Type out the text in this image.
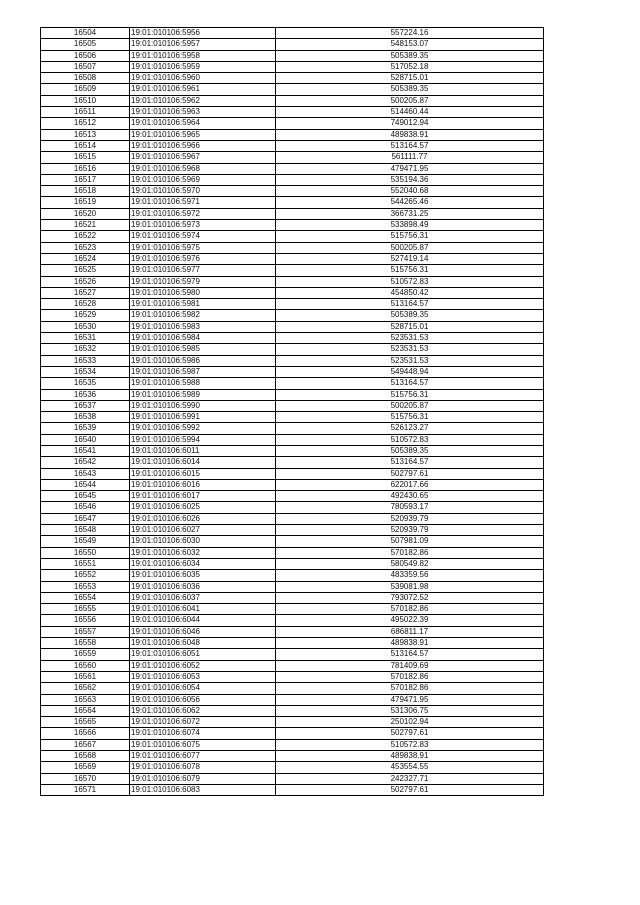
16504	19:01:010106:5956	557224.16
16505	19:01:010106:5957	548153.07
16506	19:01:010106:5958	505389.35
16507	19:01:010106:5959	517052.18
16508	19:01:010106:5960	528715.01
16509	19:01:010106:5961	505389.35
16510	19:01:010106:5962	500205.87
16511	19:01:010106:5963	514460.44
16512	19:01:010106:5964	749012.94
16513	19:01:010106:5965	489838.91
16514	19:01:010106:5966	513164.57
16515	19:01:010106:5967	561111.77
16516	19:01:010106:5968	479471.95
16517	19:01:010106:5969	535194.36
16518	19:01:010106:5970	552040.68
16519	19:01:010106:5971	544265.46
16520	19:01:010106:5972	366731.25
16521	19:01:010106:5973	533898.49
16522	19:01:010106:5974	515756.31
16523	19:01:010106:5975	500205.87
16524	19:01:010106:5976	527419.14
16525	19:01:010106:5977	515756.31
16526	19:01:010106:5979	510572.83
16527	19:01:010106:5980	454850.42
16528	19:01:010106:5981	513164.57
16529	19:01:010106:5982	505389.35
16530	19:01:010106:5983	528715.01
16531	19:01:010106:5984	523531.53
16532	19:01:010106:5985	523531.53
16533	19:01:010106:5986	523531.53
16534	19:01:010106:5987	549448.94
16535	19:01:010106:5988	513164.57
16536	19:01:010106:5989	515756.31
16537	19:01:010106:5990	500205.87
16538	19:01:010106:5991	515756.31
16539	19:01:010106:5992	526123.27
16540	19:01:010106:5994	510572.83
16541	19:01:010106:6011	505389.35
16542	19:01:010106:6014	513164.57
16543	19:01:010106:6015	502797.61
16544	19:01:010106:6016	622017.66
16545	19:01:010106:6017	492430.65
16546	19:01:010106:6025	780593.17
16547	19:01:010106:6026	520939.79
16548	19:01:010106:6027	520939.79
16549	19:01:010106:6030	507981.09
16550	19:01:010106:6032	570182.86
16551	19:01:010106:6034	580549.82
16552	19:01:010106:6035	483359.56
16553	19:01:010106:6036	539081.98
16554	19:01:010106:6037	793072.52
16555	19:01:010106:6041	570182.86
16556	19:01:010106:6044	495022.39
16557	19:01:010106:6046	686811.17
16558	19:01:010106:6048	489838.91
16559	19:01:010106:6051	513164.57
16560	19:01:010106:6052	781409.69
16561	19:01:010106:6053	570182.86
16562	19:01:010106:6054	570182.86
16563	19:01:010106:6056	479471.95
16564	19:01:010106:6062	531306.75
16565	19:01:010106:6072	250102.94
16566	19:01:010106:6074	502797.61
16567	19:01:010106:6075	510572.83
16568	19:01:010106:6077	489838.91
16569	19:01:010106:6078	453554.55
16570	19:01:010106:6079	242327.71
16571	19:01:010106:6083	502797.61
